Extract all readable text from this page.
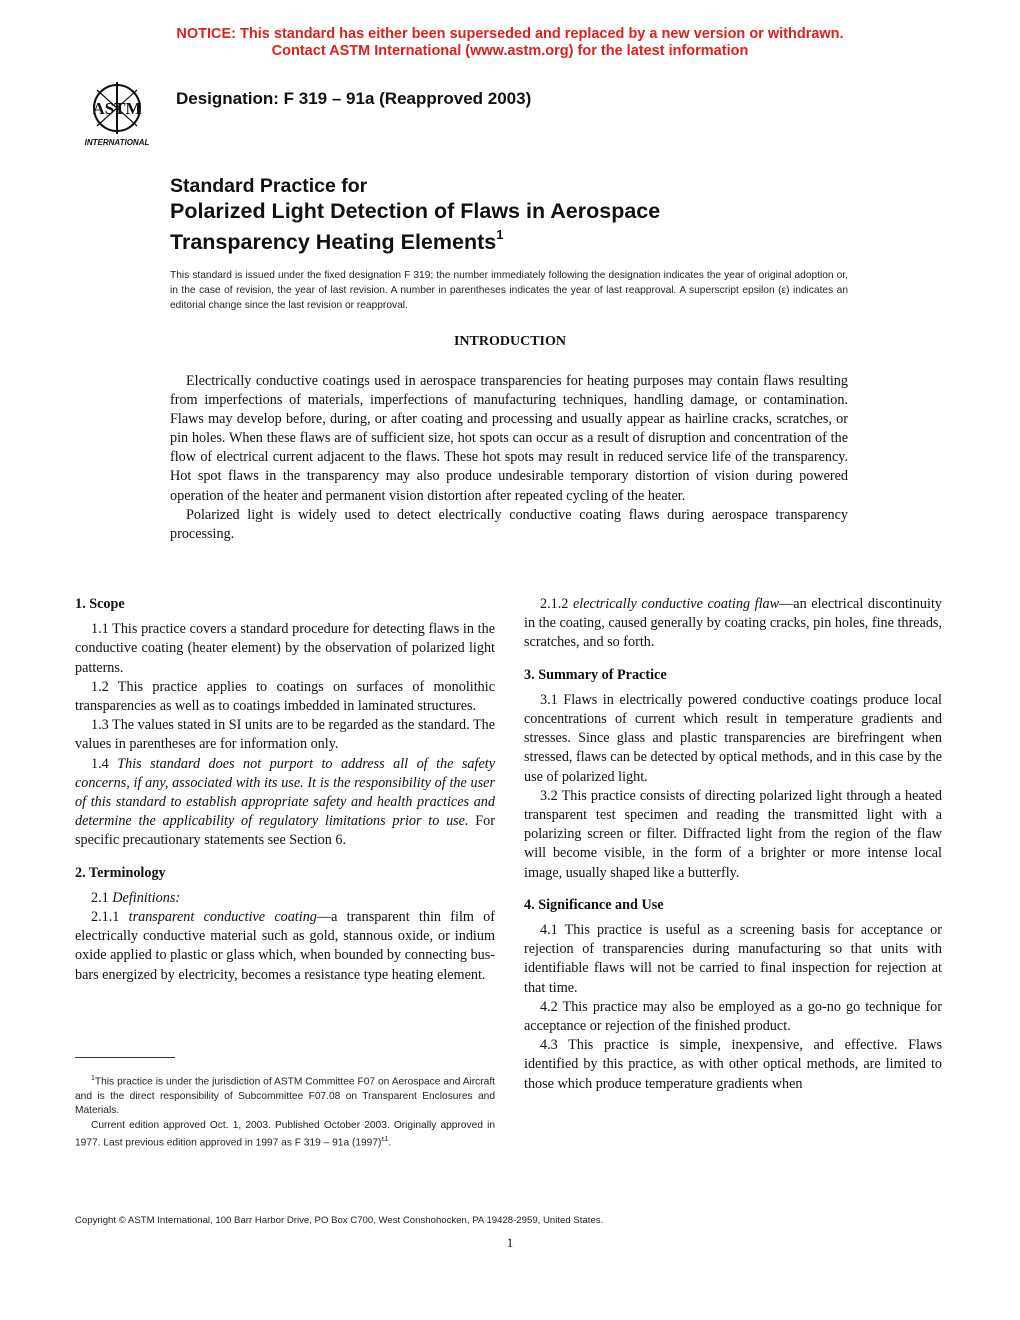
NOTICE: This standard has either been superseded and replaced by a new version or withdrawn.
Contact ASTM International (www.astm.org) for the latest information
ASTM
INTERNATIONAL
Designation: F 319 – 91a (Reapproved 2003)
Standard Practice for
Polarized Light Detection of Flaws in Aerospace
Transparency Heating Elements$^1$
This standard is issued under the fixed designation F 319; the number immediately following the designation indicates the year of original adoption or, in the case of revision, the year of last revision. A number in parentheses indicates the year of last reapproval. A superscript epsilon (ε) indicates an editorial change since the last revision or reapproval.
INTRODUCTION

Electrically conductive coatings used in aerospace transparencies for heating purposes may contain flaws resulting from imperfections of materials, imperfections of manufacturing techniques, handling damage, or contamination. Flaws may develop before, during, or after coating and processing and usually appear as hairline cracks, scratches, or pin holes. When these flaws are of sufficient size, hot spots can occur as a result of disruption and concentration of the flow of electrical current adjacent to the flaws. These hot spots may result in reduced service life of the transparency. Hot spot flaws in the transparency may also produce undesirable temporary distortion of vision during powered operation of the heater and permanent vision distortion after repeated cycling of the heater.

Polarized light is widely used to detect electrically conductive coating flaws during aerospace transparency processing.

1. Scope

1.1 This practice covers a standard procedure for detecting flaws in the conductive coating (heater element) by the observation of polarized light patterns.

1.2 This practice applies to coatings on surfaces of monolithic transparencies as well as to coatings imbedded in laminated structures.

1.3 The values stated in SI units are to be regarded as the standard. The values in parentheses are for information only.

1.4 This standard does not purport to address all of the safety concerns, if any, associated with its use. It is the responsibility of the user of this standard to establish appropriate safety and health practices and determine the applicability of regulatory limitations prior to use. For specific precautionary statements see Section 6.

2. Terminology

2.1 Definitions:

2.1.1 transparent conductive coating—a transparent thin film of electrically conductive material such as gold, stannous oxide, or indium oxide applied to plastic or glass which, when bounded by connecting bus-bars energized by electricity, becomes a resistance type heating element.

2.1.2 electrically conductive coating flaw—an electrical discontinuity in the coating, caused generally by coating cracks, pin holes, fine threads, scratches, and so forth.

3. Summary of Practice

3.1 Flaws in electrically powered conductive coatings produce local concentrations of current which result in temperature gradients and stresses. Since glass and plastic transparencies are birefringent when stressed, flaws can be detected by optical methods, and in this case by the use of polarized light.

3.2 This practice consists of directing polarized light through a heated transparent test specimen and reading the transmitted light with a polarizing screen or filter. Diffracted light from the region of the flaw will become visible, in the form of a brighter or more intense local image, usually shaped like a butterfly.

4. Significance and Use

4.1 This practice is useful as a screening basis for acceptance or rejection of transparencies during manufacturing so that units with identifiable flaws will not be carried to final inspection for rejection at that time.

4.2 This practice may also be employed as a go-no go technique for acceptance or rejection of the finished product.

4.3 This practice is simple, inexpensive, and effective. Flaws identified by this practice, as with other optical methods, are limited to those which produce temperature gradients when

$^1$This practice is under the jurisdiction of ASTM Committee F07 on Aerospace and Aircraft and is the direct responsibility of Subcommittee F07.08 on Transparent Enclosures and Materials.

Current edition approved Oct. 1, 2003. Published October 2003. Originally approved in 1977. Last previous edition approved in 1997 as F 319 – 91a $(1997)^{\varepsilon 1}$.

Copyright © ASTM International, 100 Barr Harbor Drive, PO Box C700, West Conshohocken, PA 19428-2959, United States.
1
